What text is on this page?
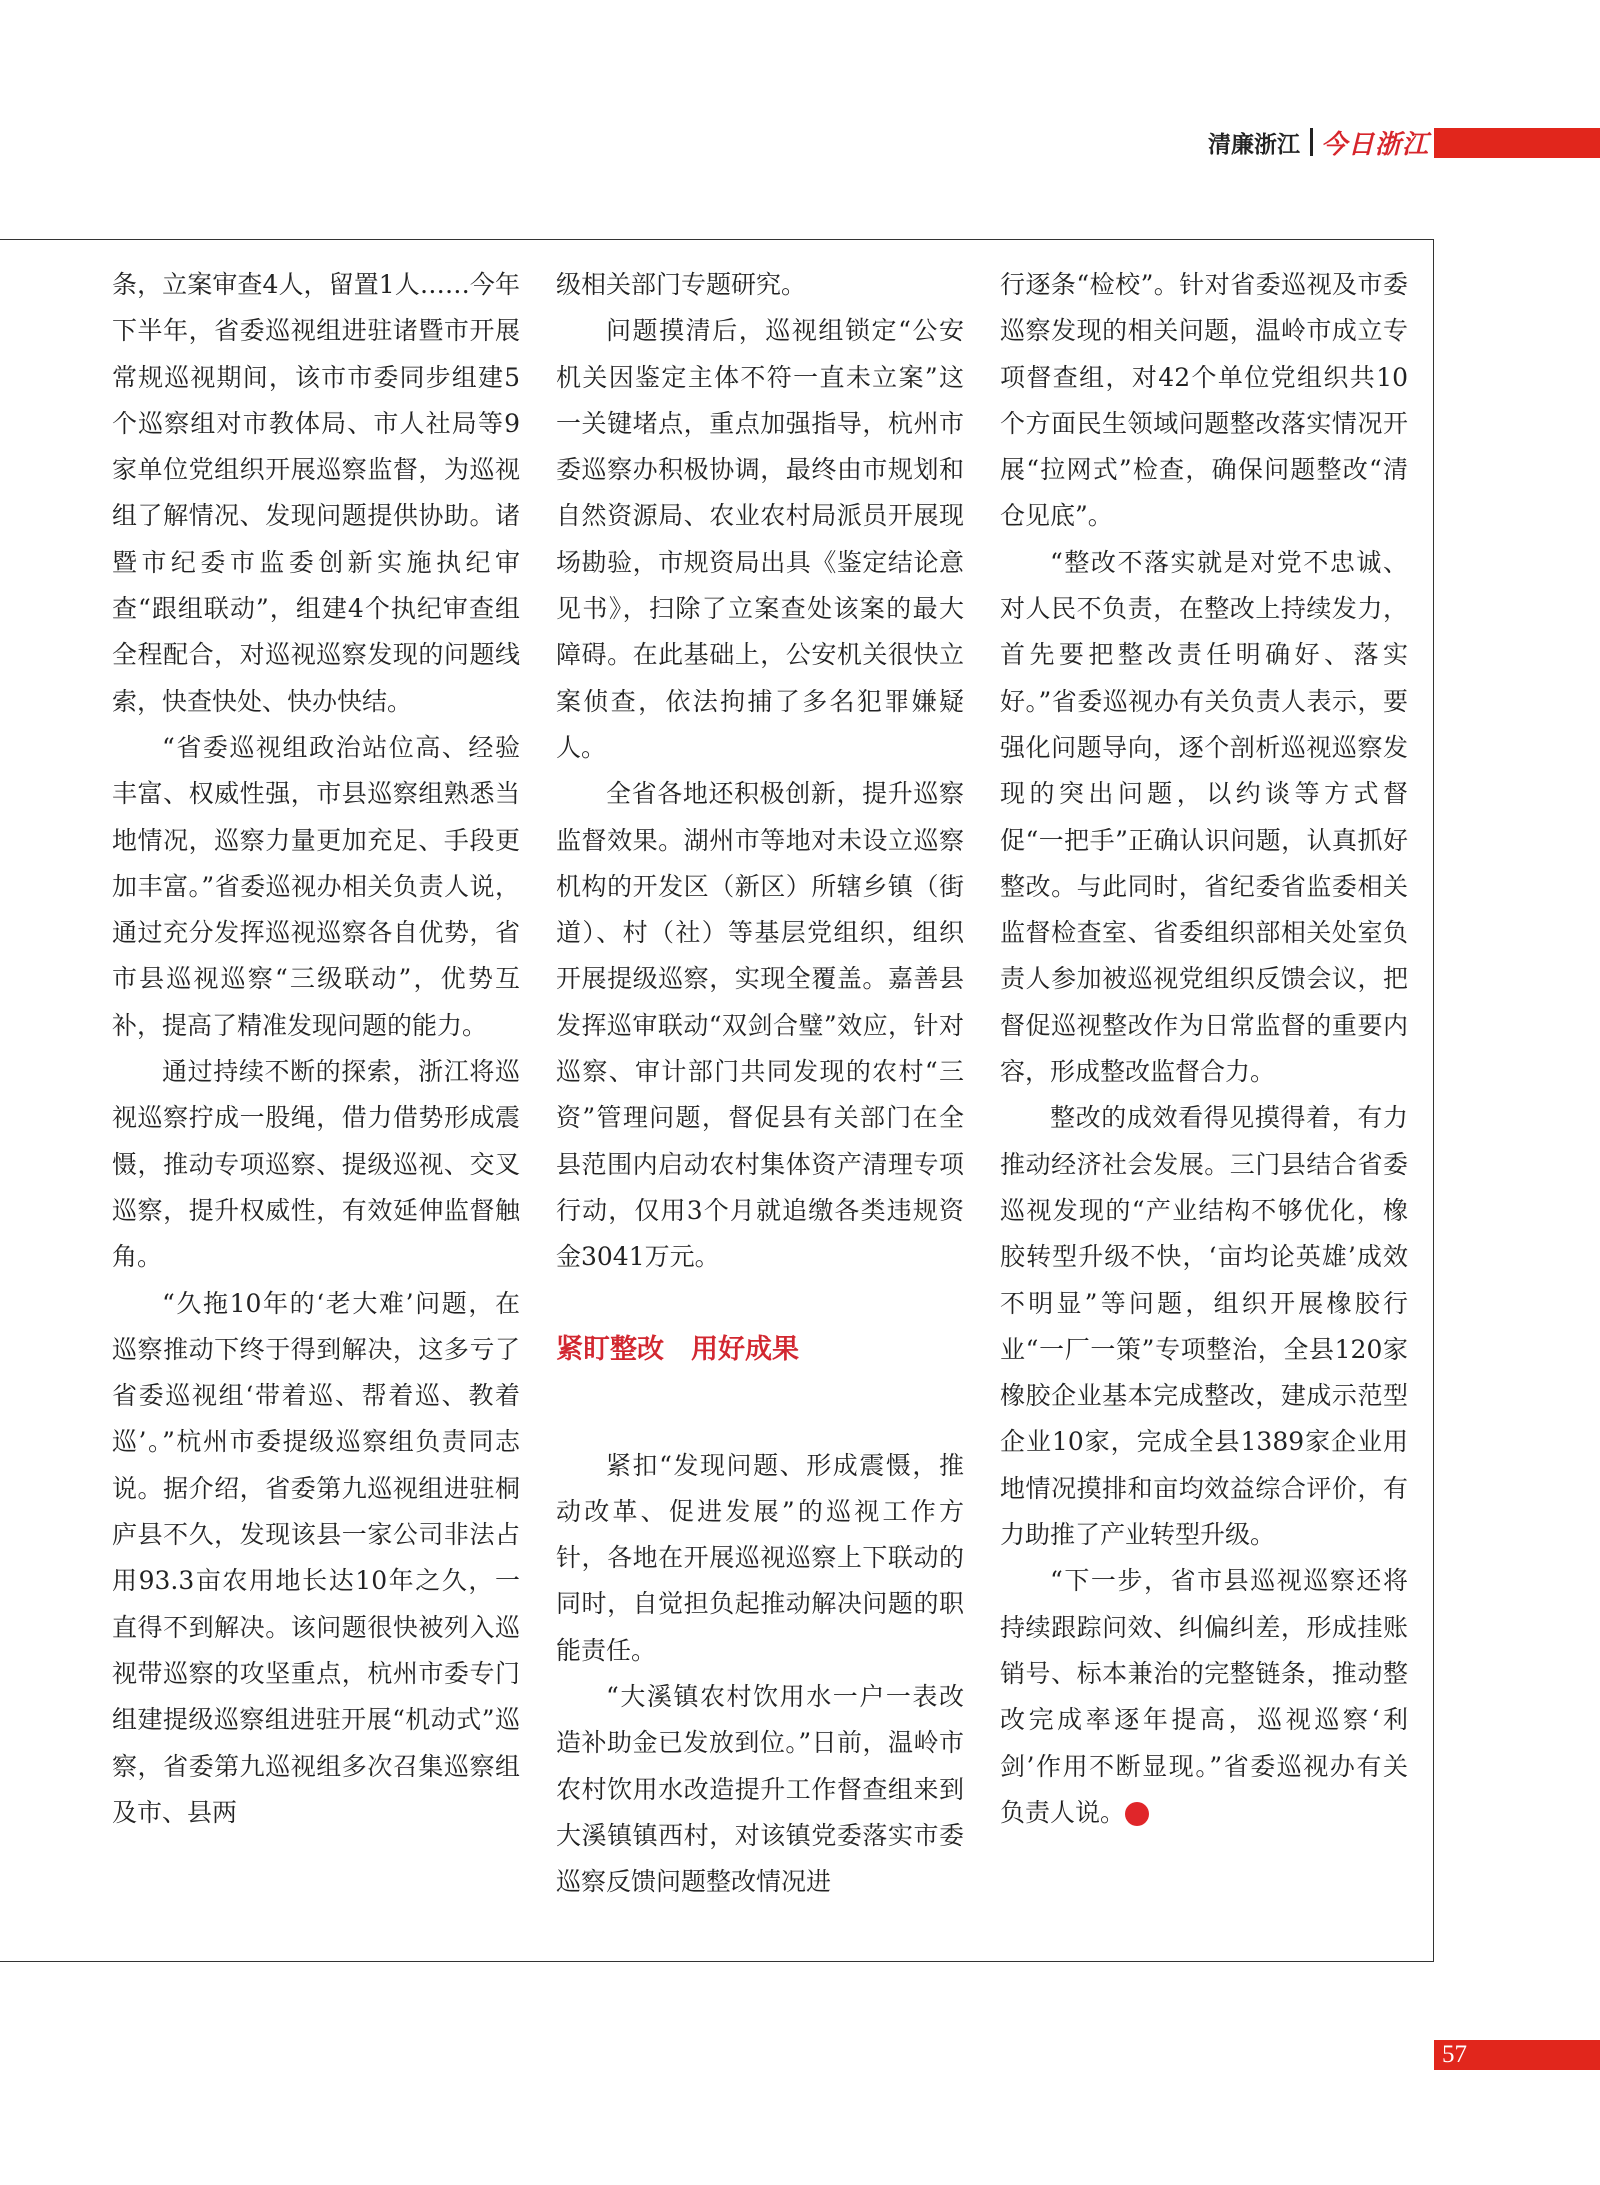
清廉浙江 今日浙江

条，立案审查4人，留置1人……今年下半年，省委巡视组进驻诸暨市开展常规巡视期间，该市市委同步组建5个巡察组对市教体局、市人社局等9家单位党组织开展巡察监督，为巡视组了解情况、发现问题提供协助。诸暨市纪委市监委创新实施执纪审查“跟组联动”，组建4个执纪审查组全程配合，对巡视巡察发现的问题线索，快查快处、快办快结。

“省委巡视组政治站位高、经验丰富、权威性强，市县巡察组熟悉当地情况，巡察力量更加充足、手段更加丰富。”省委巡视办相关负责人说，通过充分发挥巡视巡察各自优势，省市县巡视巡察“三级联动”，优势互补，提高了精准发现问题的能力。

通过持续不断的探索，浙江将巡视巡察拧成一股绳，借力借势形成震慑，推动专项巡察、提级巡视、交叉巡察，提升权威性，有效延伸监督触角。

“久拖10年的‘老大难’问题，在巡察推动下终于得到解决，这多亏了省委巡视组‘带着巡、帮着巡、教着巡’。”杭州市委提级巡察组负责同志说。据介绍，省委第九巡视组进驻桐庐县不久，发现该县一家公司非法占用93.3亩农用地长达10年之久，一直得不到解决。该问题很快被列入巡视带巡察的攻坚重点，杭州市委专门组建提级巡察组进驻开展“机动式”巡察，省委第九巡视组多次召集巡察组及市、县两

级相关部门专题研究。

问题摸清后，巡视组锁定“公安机关因鉴定主体不符一直未立案”这一关键堵点，重点加强指导，杭州市委巡察办积极协调，最终由市规划和自然资源局、农业农村局派员开展现场勘验，市规资局出具《鉴定结论意见书》，扫除了立案查处该案的最大障碍。在此基础上，公安机关很快立案侦查，依法拘捕了多名犯罪嫌疑人。

全省各地还积极创新，提升巡察监督效果。湖州市等地对未设立巡察机构的开发区（新区）所辖乡镇（街道）、村（社）等基层党组织，组织开展提级巡察，实现全覆盖。嘉善县发挥巡审联动“双剑合璧”效应，针对巡察、审计部门共同发现的农村“三资”管理问题，督促县有关部门在全县范围内启动农村集体资产清理专项行动，仅用3个月就追缴各类违规资金3041万元。

紧盯整改　用好成果

紧扣“发现问题、形成震慑，推动改革、促进发展”的巡视工作方针，各地在开展巡视巡察上下联动的同时，自觉担负起推动解决问题的职能责任。

“大溪镇农村饮用水一户一表改造补助金已发放到位。”日前，温岭市农村饮用水改造提升工作督查组来到大溪镇镇西村，对该镇党委落实市委巡察反馈问题整改情况进

行逐条“检校”。针对省委巡视及市委巡察发现的相关问题，温岭市成立专项督查组，对42个单位党组织共10个方面民生领域问题整改落实情况开展“拉网式”检查，确保问题整改“清仓见底”。

“整改不落实就是对党不忠诚、对人民不负责，在整改上持续发力，首先要把整改责任明确好、落实好。”省委巡视办有关负责人表示，要强化问题导向，逐个剖析巡视巡察发现的突出问题，以约谈等方式督促“一把手”正确认识问题，认真抓好整改。与此同时，省纪委省监委相关监督检查室、省委组织部相关处室负责人参加被巡视党组织反馈会议，把督促巡视整改作为日常监督的重要内容，形成整改监督合力。

整改的成效看得见摸得着，有力推动经济社会发展。三门县结合省委巡视发现的“产业结构不够优化，橡胶转型升级不快，‘亩均论英雄’成效不明显”等问题，组织开展橡胶行业“一厂一策”专项整治，全县120家橡胶企业基本完成整改，建成示范型企业10家，完成全县1389家企业用地情况摸排和亩均效益综合评价，有力助推了产业转型升级。

“下一步，省市县巡视巡察还将持续跟踪问效、纠偏纠差，形成挂账销号、标本兼治的完整链条，推动整改完成率逐年提高，巡视巡察‘利剑’作用不断显现。”省委巡视办有关负责人说。	今

57
